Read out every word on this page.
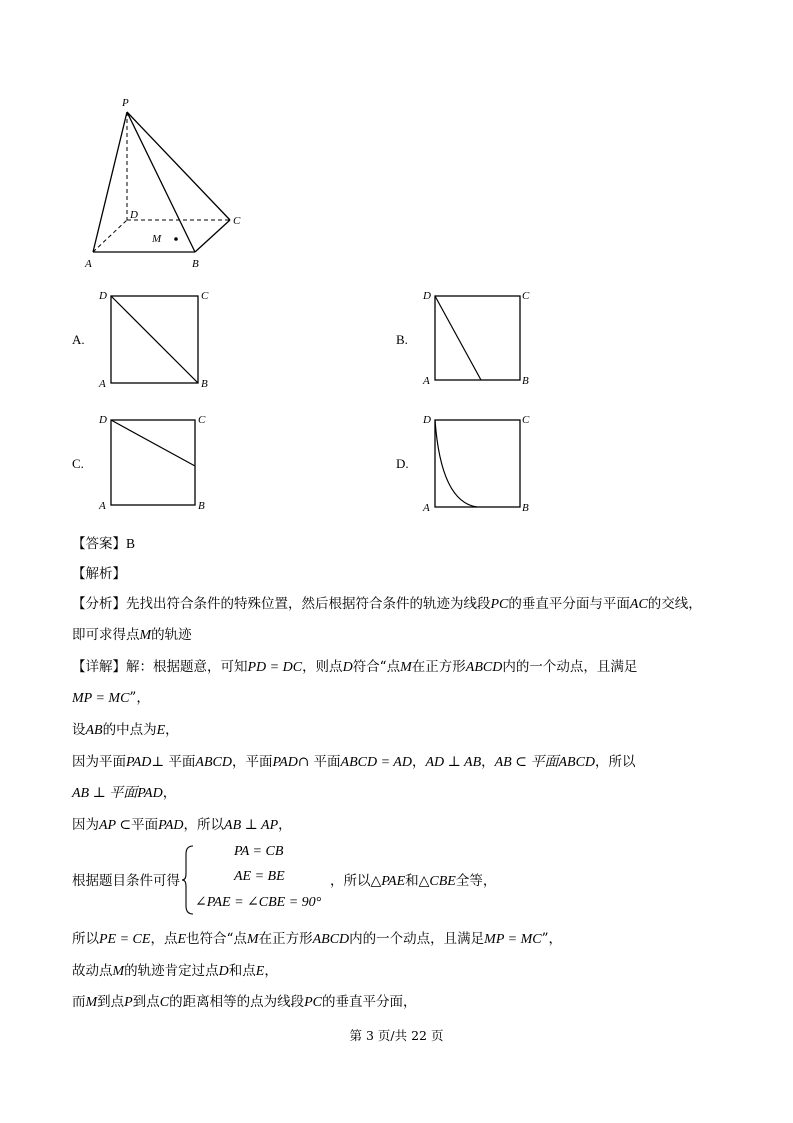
P
D	C
M
A	B
A.
D	C
A	B
B.
D	C
A	B
C.
D	C
A	B
D.
D	C
A	B
【答案】B
【解析】
【分析】先找出符合条件的特殊位置，然后根据符合条件的轨迹为线段PC的垂直平分面与平面AC的交线，
即可求得点M的轨迹
【详解】解：根据题意，可知PD = DC，则点D符合“点M在正方形ABCD内的一个动点，且满足
MP = MC”，
设AB的中点为E，
因为平面PAD⊥ 平面ABCD，平面PAD∩ 平面ABCD = AD，AD ⊥ AB，AB ⊂ 平面ABCD，所以
AB ⊥ 平面PAD，
因为AP ⊂平面PAD，所以AB ⊥ AP，
根据题目条件可得
PA = CB
AE = BE
∠PAE = ∠CBE = 90°
，所以△PAE和△CBE全等，
所以PE = CE，点E也符合“点M在正方形ABCD内的一个动点，且满足MP = MC”，
故动点M的轨迹肯定过点D和点E，
而M到点P到点C的距离相等的点为线段PC的垂直平分面，
第 3 页/共 22 页
